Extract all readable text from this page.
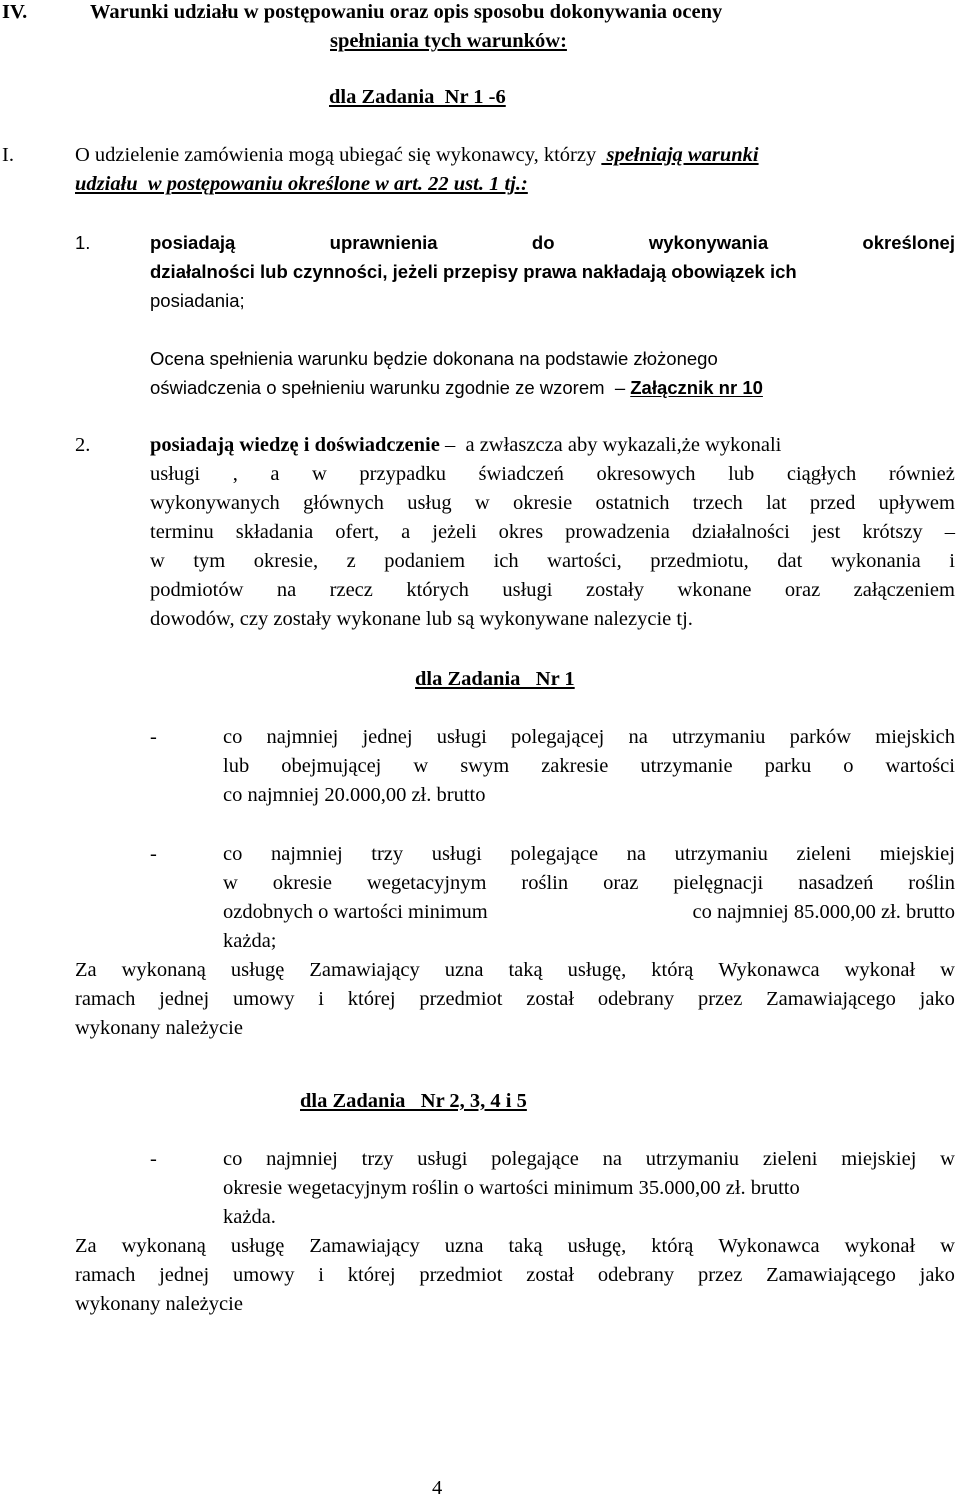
IV.	Warunki udziału w postępowaniu oraz opis sposobu dokonywania oceny
spełniania tych warunków:
dla Zadania  Nr 1 -6
I.	O udzielenie zamówienia mogą ubiegać się wykonawcy, którzy  spełniają warunki
udziału  w postępowaniu określone w art. 22 ust. 1 tj.:
1.	posiadają	uprawnienia	do	wykonywania	określonej
działalności lub czynności, jeżeli przepisy prawa nakładają obowiązek ich
posiadania;
Ocena spełnienia warunku będzie dokonana na podstawie złożonego
oświadczenia o spełnieniu warunku zgodnie ze wzorem  – Załącznik nr 10
2.	posiadają wiedzę i doświadczenie –  a zwłaszcza aby wykazali,że wykonali
usługi , a w przypadku świadczeń okresowych lub ciągłych również
wykonywanych głównych usług w okresie ostatnich trzech lat przed upływem
terminu składania ofert, a jeżeli okres prowadzenia działalności jest krótszy –
w tym okresie, z podaniem ich wartości, przedmiotu, dat wykonania i
podmiotów na rzecz których usługi zostały wkonane oraz załączeniem
dowodów, czy zostały wykonane lub są wykonywane nalezycie tj.
dla Zadania   Nr 1
-	co najmniej jednej usługi polegającej na utrzymaniu parków miejskich
lub obejmującej w swym zakresie utrzymanie parku o wartości
co najmniej 20.000,00 zł. brutto
-	co najmniej trzy usługi polegające na utrzymaniu zieleni miejskiej
w okresie wegetacyjnym roślin oraz pielęgnacji nasadzeń roślin
ozdobnych o wartości minimum	co najmniej 85.000,00 zł. brutto
każda;
Za wykonaną usługę Zamawiający uzna taką usługę, którą Wykonawca wykonał w
ramach jednej umowy i której przedmiot został odebrany przez Zamawiającego jako
wykonany należycie
dla Zadania   Nr 2, 3, 4 i 5
-	co najmniej trzy usługi polegające na utrzymaniu zieleni miejskiej w
okresie wegetacyjnym roślin o wartości minimum 35.000,00 zł. brutto
każda.
Za wykonaną usługę Zamawiający uzna taką usługę, którą Wykonawca wykonał w
ramach jednej umowy i której przedmiot został odebrany przez Zamawiającego jako
wykonany należycie
4
